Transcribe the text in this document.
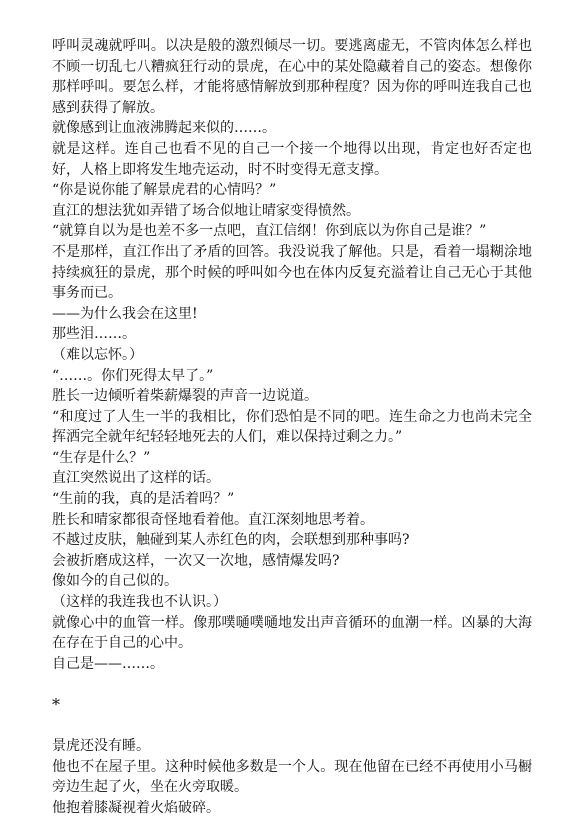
呼叫灵魂就呼叫。以决是般的激烈倾尽一切。要逃离虚无，不管肉体怎么样也不顾一切乱七八糟疯狂行动的景虎，在心中的某处隐藏着自己的姿态。想像你那样呼叫。要怎么样，才能将感情解放到那种程度？因为你的呼叫连我自己也感到获得了解放。

就像感到让血液沸腾起来似的……。

就是这样。连自己也看不见的自己一个接一个地得以出现，肯定也好否定也好，人格上即将发生地壳运动，时不时变得无意支撑。

“你是说你能了解景虎君的心情吗？”

直江的想法犹如弄错了场合似地让晴家变得愤然。

“就算自以为是也差不多一点吧，直江信纲！你到底以为你自己是谁？”

不是那样，直江作出了矛盾的回答。我没说我了解他。只是，看着一塌糊涂地持续疯狂的景虎，那个时候的呼叫如今也在体内反复充溢着让自己无心于其他事务而已。

——为什么我会在这里!

那些泪……。

（难以忘怀。）

“……。你们死得太早了。”

胜长一边倾听着柴薪爆裂的声音一边说道。

“和度过了人生一半的我相比，你们恐怕是不同的吧。连生命之力也尚未完全挥洒完全就年纪轻轻地死去的人们，难以保持过剩之力。”

“生存是什么？”

直江突然说出了这样的话。

“生前的我，真的是活着吗？”

胜长和晴家都很奇怪地看着他。直江深刻地思考着。

不越过皮肤，触碰到某人赤红色的肉，会联想到那种事吗?

会被折磨成这样，一次又一次地，感情爆发吗?

像如今的自己似的。

（这样的我连我也不认识。）

就像心中的血管一样。像那噗嗵噗嗵地发出声音循环的血潮一样。凶暴的大海在存在于自己的心中。

自己是——……。

*

景虎还没有睡。

他也不在屋子里。这种时候他多数是一个人。现在他留在已经不再使用小马橱旁边生起了火，坐在火旁取暖。

他抱着膝凝视着火焰破碎。
